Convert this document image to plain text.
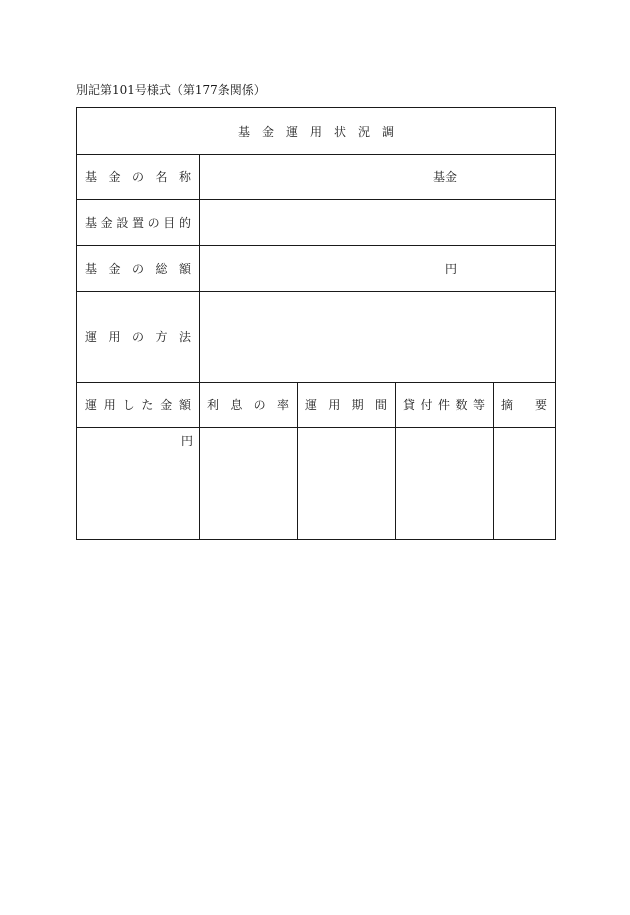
別記第101号様式（第177条関係）
基金運用状況調
基 金 の 名 称	基金
基 金 設 置 の 目 的
基 金 の 総 額	円
運 用 の 方 法
運 用 し た 金 額 利 息 の 率 運 用 期 間 貸 付 件 数 等 摘 要
円
